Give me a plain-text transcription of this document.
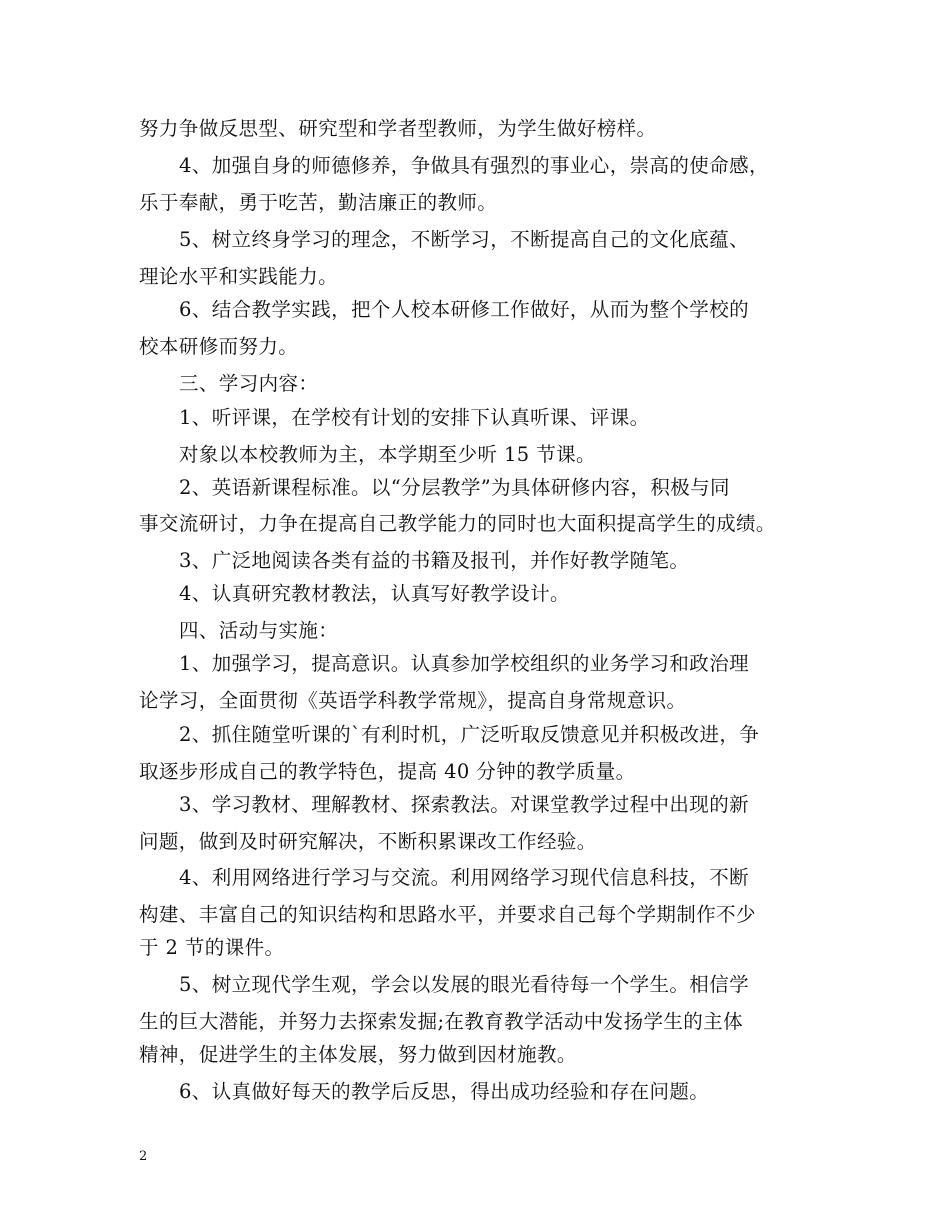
努力争做反思型、研究型和学者型教师，为学生做好榜样。
4、加强自身的师德修养，争做具有强烈的事业心，崇高的使命感，
乐于奉献，勇于吃苦，勤洁廉正的教师。
5、树立终身学习的理念，不断学习，不断提高自己的文化底蕴、
理论水平和实践能力。
6、结合教学实践，把个人校本研修工作做好，从而为整个学校的
校本研修而努力。
三、学习内容：
1、听评课，在学校有计划的安排下认真听课、评课。
对象以本校教师为主，本学期至少听 15 节课。
2、英语新课程标准。以“分层教学”为具体研修内容，积极与同
事交流研讨，力争在提高自己教学能力的同时也大面积提高学生的成绩。
3、广泛地阅读各类有益的书籍及报刊，并作好教学随笔。
4、认真研究教材教法，认真写好教学设计。
四、活动与实施：
1、加强学习，提高意识。认真参加学校组织的业务学习和政治理
论学习，全面贯彻《英语学科教学常规》，提高自身常规意识。
2、抓住随堂听课的`有利时机，广泛听取反馈意见并积极改进，争
取逐步形成自己的教学特色，提高 40 分钟的教学质量。
3、学习教材、理解教材、探索教法。对课堂教学过程中出现的新
问题，做到及时研究解决，不断积累课改工作经验。
4、利用网络进行学习与交流。利用网络学习现代信息科技，不断
构建、丰富自己的知识结构和思路水平，并要求自己每个学期制作不少
于 2 节的课件。
5、树立现代学生观，学会以发展的眼光看待每一个学生。相信学
生的巨大潜能，并努力去探索发掘;在教育教学活动中发扬学生的主体
精神，促进学生的主体发展，努力做到因材施教。
6、认真做好每天的教学后反思，得出成功经验和存在问题。
2
